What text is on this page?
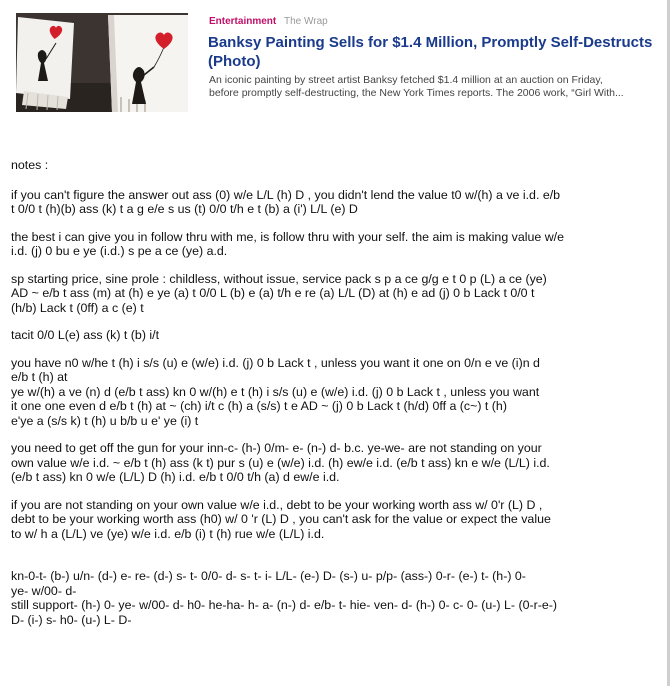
Entertainment The Wrap
Banksy Painting Sells for $1.4 Million, Promptly Self-Destructs (Photo)
An iconic painting by street artist Banksy fetched $1.4 million at an auction on Friday,
before promptly self-destructing, the New York Times reports. The 2006 work, “Girl With...

notes :

if you can't figure the answer out ass (0) w/e L/L (h) D , you didn't lend the value t0 w/(h) a ve i.d. e/b
t 0/0 t (h)(b) ass (k) t a g e/e s us (t) 0/0 t/h e t (b) a (i') L/L (e) D

the best i can give you in follow thru with me, is follow thru with your self. the aim is making value w/e
i.d. (j) 0 bu e ye (i.d.) s pe a ce (ye) a.d.

sp starting price, sine prole : childless, without issue, service pack s p a ce g/g e t 0 p (L) a ce (ye)
AD ~ e/b t ass (m) at (h) e ye (a) t 0/0 L (b) e (a) t/h e re (a) L/L (D) at (h) e ad (j) 0 b Lack t 0/0 t
(h/b) Lack t (0ff) a c (e) t

tacit 0/0 L(e) ass (k) t (b) i/t

you have n0 w/he t (h) i s/s (u) e (w/e) i.d. (j) 0 b Lack t , unless you want it one on 0/n e ve (i)n d
e/b t (h) at
ye w/(h) a ve (n) d (e/b t ass) kn 0 w/(h) e t (h) i s/s (u) e (w/e) i.d. (j) 0 b Lack t , unless you want
it one one even d e/b t (h) at ~ (ch) i/t c (h) a (s/s) t e AD ~ (j) 0 b Lack t (h/d) 0ff a (c~) t (h)
e'ye a (s/s k) t (h) u b/b u e' ye (i) t

you need to get off the gun for your inn-c- (h-) 0/m- e- (n-) d- b.c. ye-we- are not standing on your
own value w/e i.d. ~ e/b t (h) ass (k t) pur s (u) e (w/e) i.d. (h) ew/e i.d. (e/b t ass) kn e w/e (L/L) i.d.
(e/b t ass) kn 0 w/e (L/L) D (h) i.d. e/b t 0/0 t/h (a) d ew/e i.d.

if you are not standing on your own value w/e i.d., debt to be your working worth ass w/ 0'r (L) D ,
debt to be your working worth ass (h0) w/ 0 'r (L) D , you can't ask for the value or expect the value
to w/ h a (L/L) ve (ye) w/e i.d. e/b (i) t (h) rue w/e (L/L) i.d.

kn-0-t- (b-) u/n- (d-) e- re- (d-) s- t- 0/0- d- s- t- i- L/L- (e-) D- (s-) u- p/p- (ass-) 0-r- (e-) t- (h-) 0-
ye- w/00- d-
still support- (h-) 0- ye- w/00- d- h0- he-ha- h- a- (n-) d- e/b- t- hie- ven- d- (h-) 0- c- 0- (u-) L- (0-r-e-)
D- (i-) s- h0- (u-) L- D-
